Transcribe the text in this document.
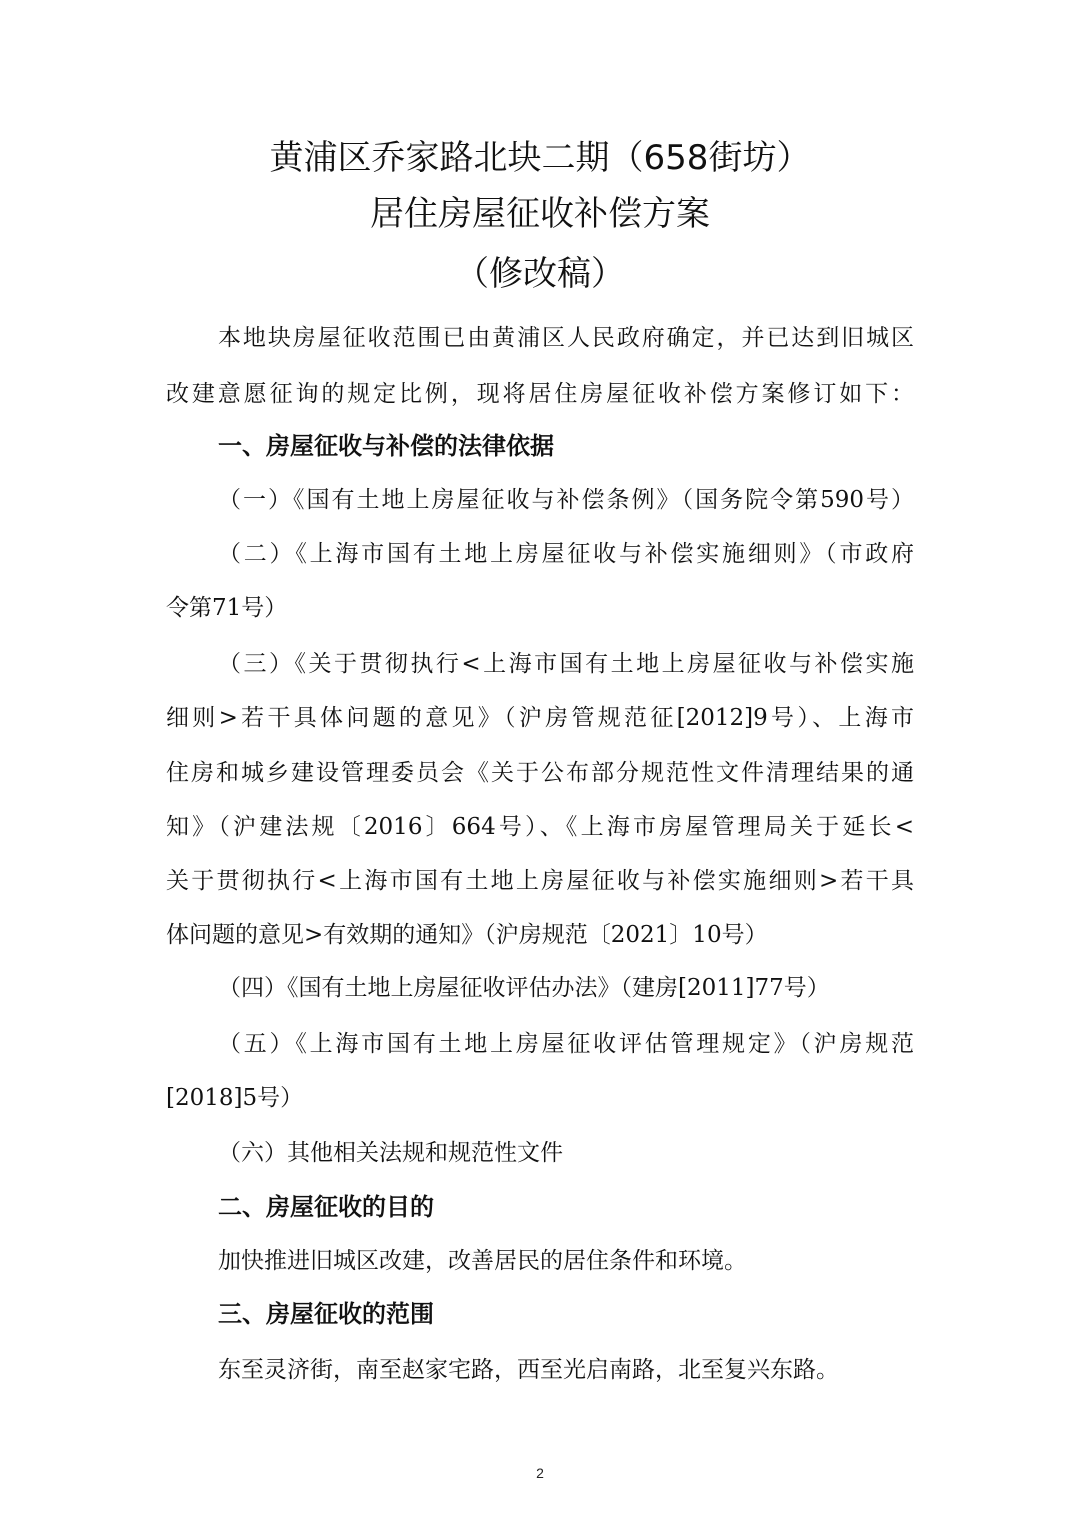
黄浦区乔家路北块二期（658街坊）
居住房屋征收补偿方案
（修改稿）
本地块房屋征收范围已由黄浦区人民政府确定，并已达到旧城区
改建意愿征询的规定比例，现将居住房屋征收补偿方案修订如下：
一、房屋征收与补偿的法律依据
（一）《国有土地上房屋征收与补偿条例》（国务院令第590号）
（二）《上海市国有土地上房屋征收与补偿实施细则》（市政府
令第71号）
（三）《关于贯彻执行<上海市国有土地上房屋征收与补偿实施
细则>若干具体问题的意见》（沪房管规范征[2012]9号）、上海市
住房和城乡建设管理委员会《关于公布部分规范性文件清理结果的通
知》（沪建法规〔2016〕664号）、《上海市房屋管理局关于延长<
关于贯彻执行<上海市国有土地上房屋征收与补偿实施细则>若干具
体问题的意见>有效期的通知》（沪房规范〔2021〕10号）
（四）《国有土地上房屋征收评估办法》（建房[2011]77号）
（五）《上海市国有土地上房屋征收评估管理规定》（沪房规范
[2018]5号）
（六）其他相关法规和规范性文件
二、房屋征收的目的
加快推进旧城区改建，改善居民的居住条件和环境。
三、房屋征收的范围
东至灵济街，南至赵家宅路，西至光启南路，北至复兴东路。
2
